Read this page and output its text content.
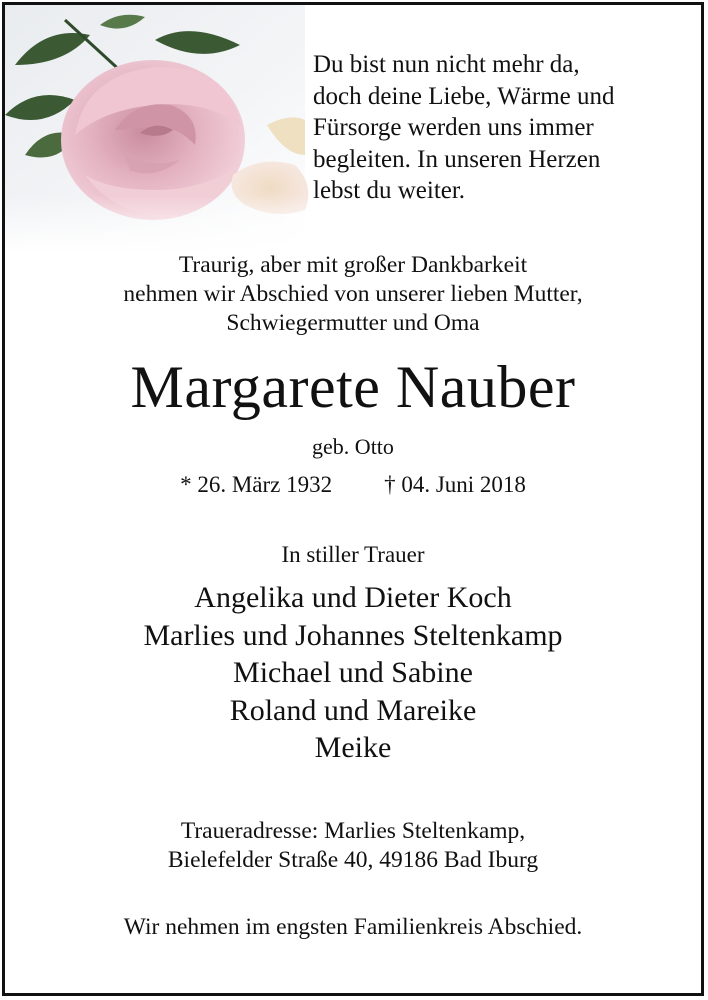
Du bist nun nicht mehr da,
doch deine Liebe, Wärme und
Fürsorge werden uns immer
begleiten. In unseren Herzen
lebst du weiter.
Traurig, aber mit großer Dankbarkeit
nehmen wir Abschied von unserer lieben Mutter,
Schwiegermutter und Oma
Margarete Nauber
geb. Otto
* 26. März 1932 † 04. Juni 2018
In stiller Trauer
Angelika und Dieter Koch
Marlies und Johannes Steltenkamp
Michael und Sabine
Roland und Mareike
Meike
Traueradresse: Marlies Steltenkamp,
Bielefelder Straße 40, 49186 Bad Iburg
Wir nehmen im engsten Familienkreis Abschied.
